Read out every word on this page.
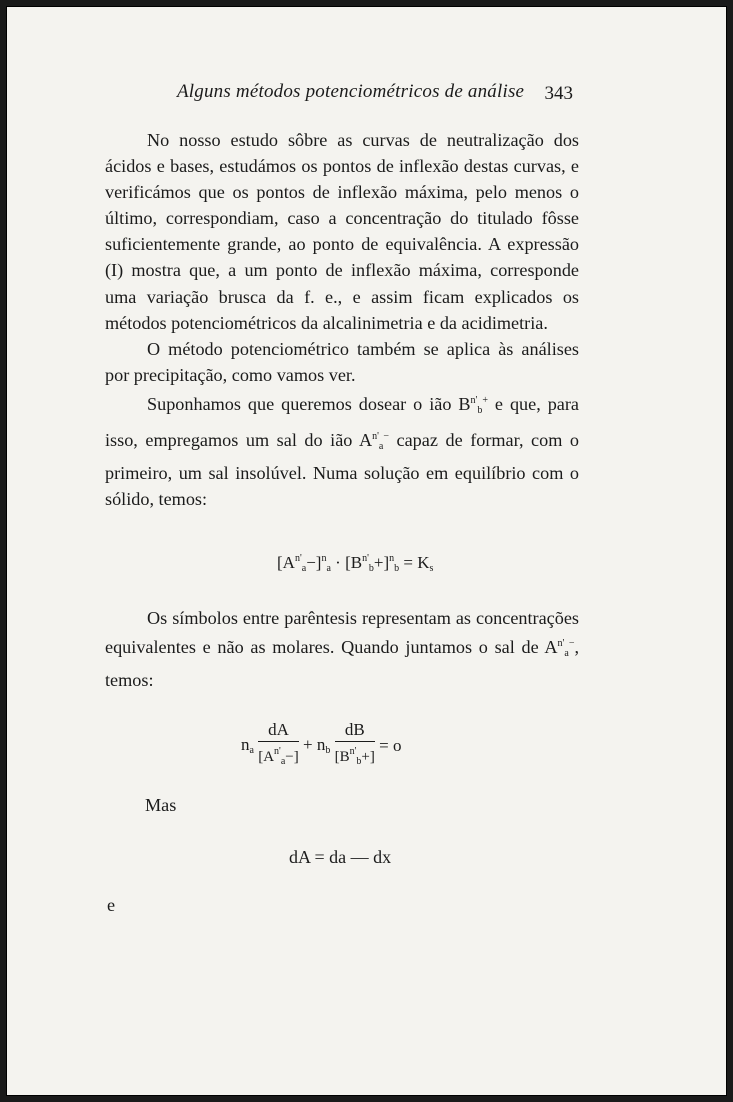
Alguns métodos potenciométricos de análise 343

No nosso estudo sôbre as curvas de neutralização dos ácidos e bases, estudámos os pontos de inflexão destas curvas, e verificámos que os pontos de inflexão máxima, pelo menos o último, correspondiam, caso a concentração do titulado fôsse suficientemente grande, ao ponto de equivalência. A expressão (I) mostra que, a um ponto de inflexão máxima, corresponde uma variação brusca da f. e., e assim ficam explicados os métodos potenciométricos da alcalinimetria e da acidimetria.

O método potenciométrico também se aplica às análises por precipitação, como vamos ver.

Suponhamos que queremos dosear o ião $B^{n'}_b^+$ e que, para isso, empregamos um sal do ião $A^{n'}_a^-$ capaz de formar, com o primeiro, um sal insolúvel. Numa solução em equilíbrio com o sólido, temos:

$[A^{n'}_a-]^n_a \cdot [B^{n'}_b+]^n_b = K_s$

Os símbolos entre parêntesis representam as concentrações equivalentes e não as molares. Quando juntamos o sal de $A^{n'}_a^-$, temos:

$n_a \frac{dA}{[A^{n'}_a-]} + n_b \frac{dB}{[B^{n'}_b+]} = o$
Mas
dA = da — dx
e
